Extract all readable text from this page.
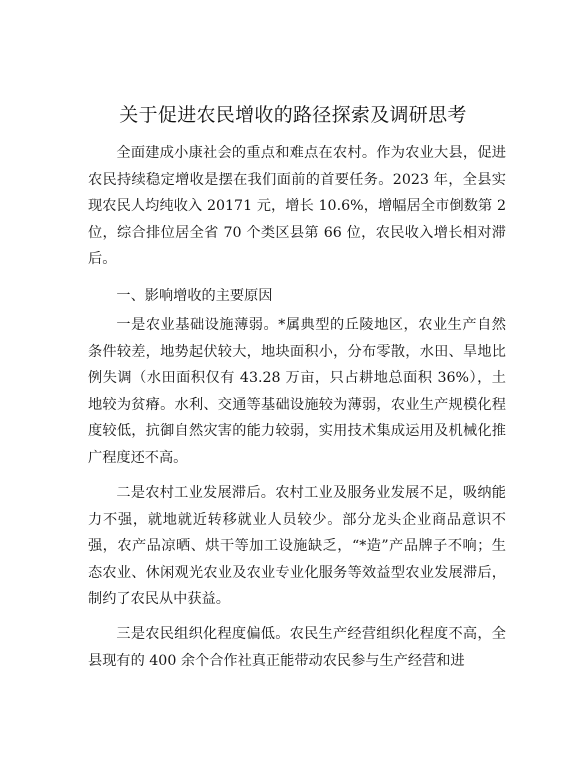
关于促进农民增收的路径探索及调研思考

全面建成小康社会的重点和难点在农村。作为农业大县，促进农民持续稳定增收是摆在我们面前的首要任务。2023 年，全县实现农民人均纯收入 20171 元，增长 10.6%，增幅居全市倒数第 2 位，综合排位居全省 70 个类区县第 66 位，农民收入增长相对滞后。

一、影响增收的主要原因

一是农业基础设施薄弱。*属典型的丘陵地区，农业生产自然条件较差，地势起伏较大，地块面积小，分布零散，水田、旱地比例失调（水田面积仅有 43.28 万亩，只占耕地总面积 36%），土地较为贫瘠。水利、交通等基础设施较为薄弱，农业生产规模化程度较低，抗御自然灾害的能力较弱，实用技术集成运用及机械化推广程度还不高。

二是农村工业发展滞后。农村工业及服务业发展不足，吸纳能力不强，就地就近转移就业人员较少。部分龙头企业商品意识不强，农产品凉晒、烘干等加工设施缺乏，“*造”产品牌子不响；生态农业、休闲观光农业及农业专业化服务等效益型农业发展滞后，制约了农民从中获益。

三是农民组织化程度偏低。农民生产经营组织化程度不高，全县现有的 400 余个合作社真正能带动农民参与生产经营和进
